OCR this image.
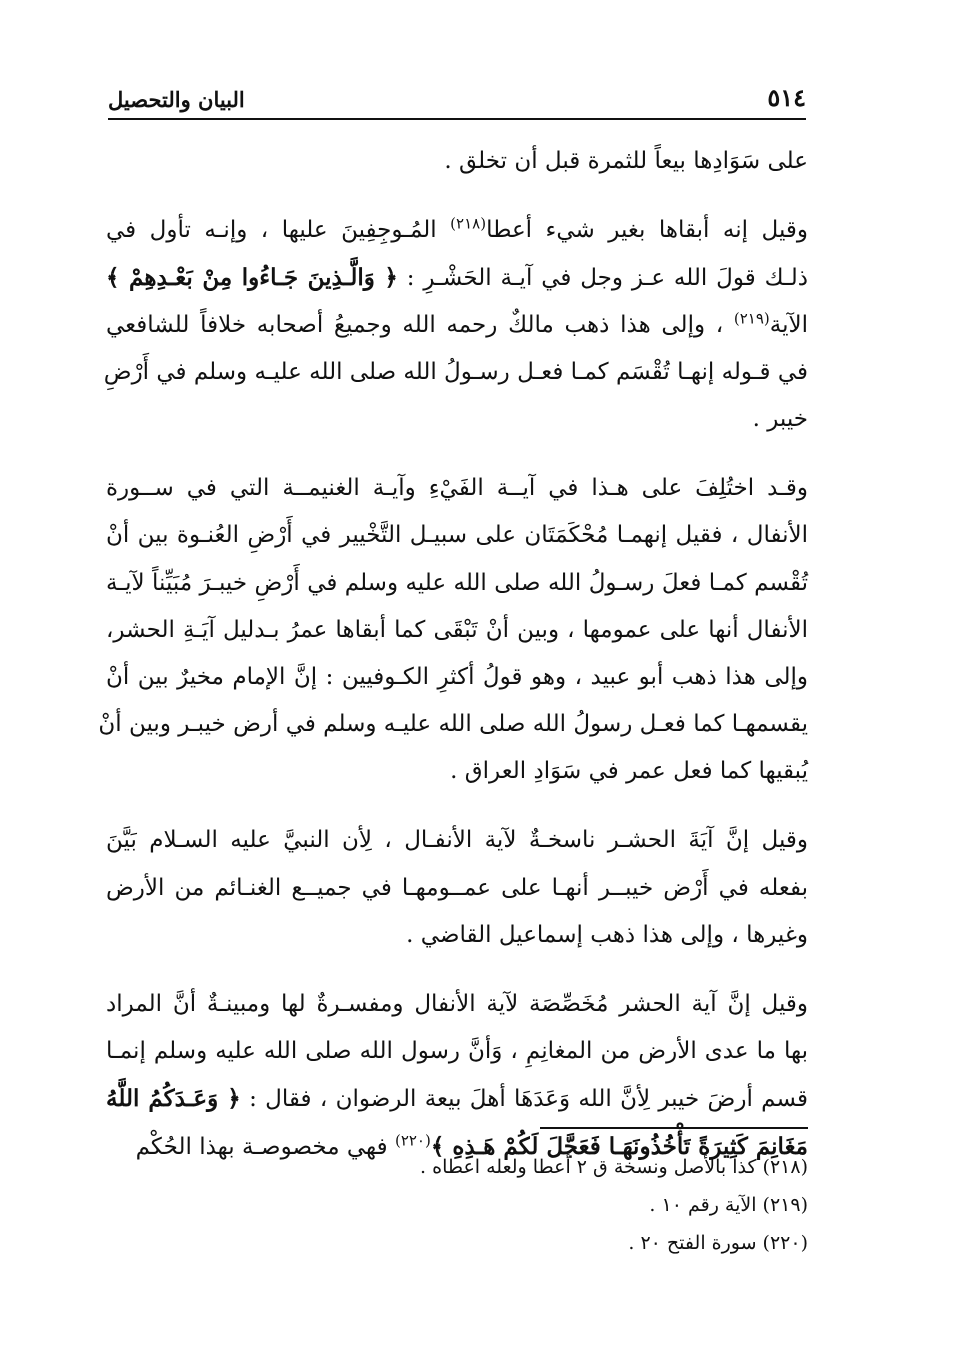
٥١٤
البيان والتحصيل
على سَوَادِها بيعاً للثمرة قبل أن تخلق .
وقيل إنه أبقاها بغير شيء أعطا$^{(٢١٨)}$ المُـوجِفِينَ عليها ، وإنـه تأول في
ذلـك قولَ الله عـز وجل في آيـة الحَشْـرِ : ﴿ وَالَّـذِينَ جَـاءُوا مِنْ بَعْـدِهِمْ ﴾
الآية$^{(٢١٩)}$ ، وإلى هذا ذهب مالكٌ رحمه الله وجميعُ أصحابه خلافاً للشافعي
في قـوله إنهـا تُقْسَم كمـا فعـل رسـولُ الله صلى الله عليـه وسلم في أَرْضِ
خيبر .
وقـد اختُلِفَ على هـذا في آيــة الفَيْءِ وآيـة الغنيمــة التي في ســورة
الأنفال ، فقيل إنهمـا مُحْكَمَتَان على سبيـل التَّخْيير في أَرْضِ العُنـوة بين أنْ
تُقْسم كمـا فعلَ رسـولُ الله صلى الله عليه وسلم في أَرْضِ خيبـرَ مُبَيِّناً لآيـة
الأنفال أنها على عمومها ، وبين أنْ تَبْقَى كما أبقاها عمرُ بـدليل آيَـةِ الحشر،
وإلى هذا ذهب أبو عبيد ، وهو قولُ أكثرِ الكـوفيين : إنَّ الإمام مخيرٌ بين أنْ
يقسمهـا كما فعـل رسولُ الله صلى الله عليـه وسلم في أرض خيبـر وبين أنْ
يُبقيها كما فعل عمر في سَوَادِ العراق .
وقيل إنَّ آيَةَ الحشـر ناسخـةٌ لآية الأنفـال ، لِأن النبيَّ عليه السـلام بَيَّنَ
بفعله في أَرْض خيبــر أنهـا على عمــومهـا في جميــع الغنـائم من الأرض
وغيرها ، وإلى هذا ذهب إسماعيل القاضي .
وقيل إنَّ آية الحشر مُخَصِّصَة لآية الأنفال ومفسـرةٌ لها ومبينـةٌ أنَّ المراد
بها ما عدى الأرض من المغانِمِ ، وَأنَّ رسول الله صلى الله عليه وسلم إنمـا
قسم أرضَ خيبر لِأنَّ الله وَعَدَهَا أهلَ بيعة الرضوان ، فقال : ﴿ وَعَـدَكُمُ اللَّهُ
مَغَانِمَ كَثِيرَةً تَأْخُذُونَهَـا فَعَجَّلَ لَكُمْ هَـذِهِ ﴾$^{(٢٢٠)}$ فهي مخصوصـة بهذا الحُكْم
(٢١٨) كذا بالأصل ونسخة ق ٢ أعطا ولعله اعطاه .
(٢١٩) الآية رقم ١٠ .
(٢٢٠) سورة الفتح ٢٠ .
